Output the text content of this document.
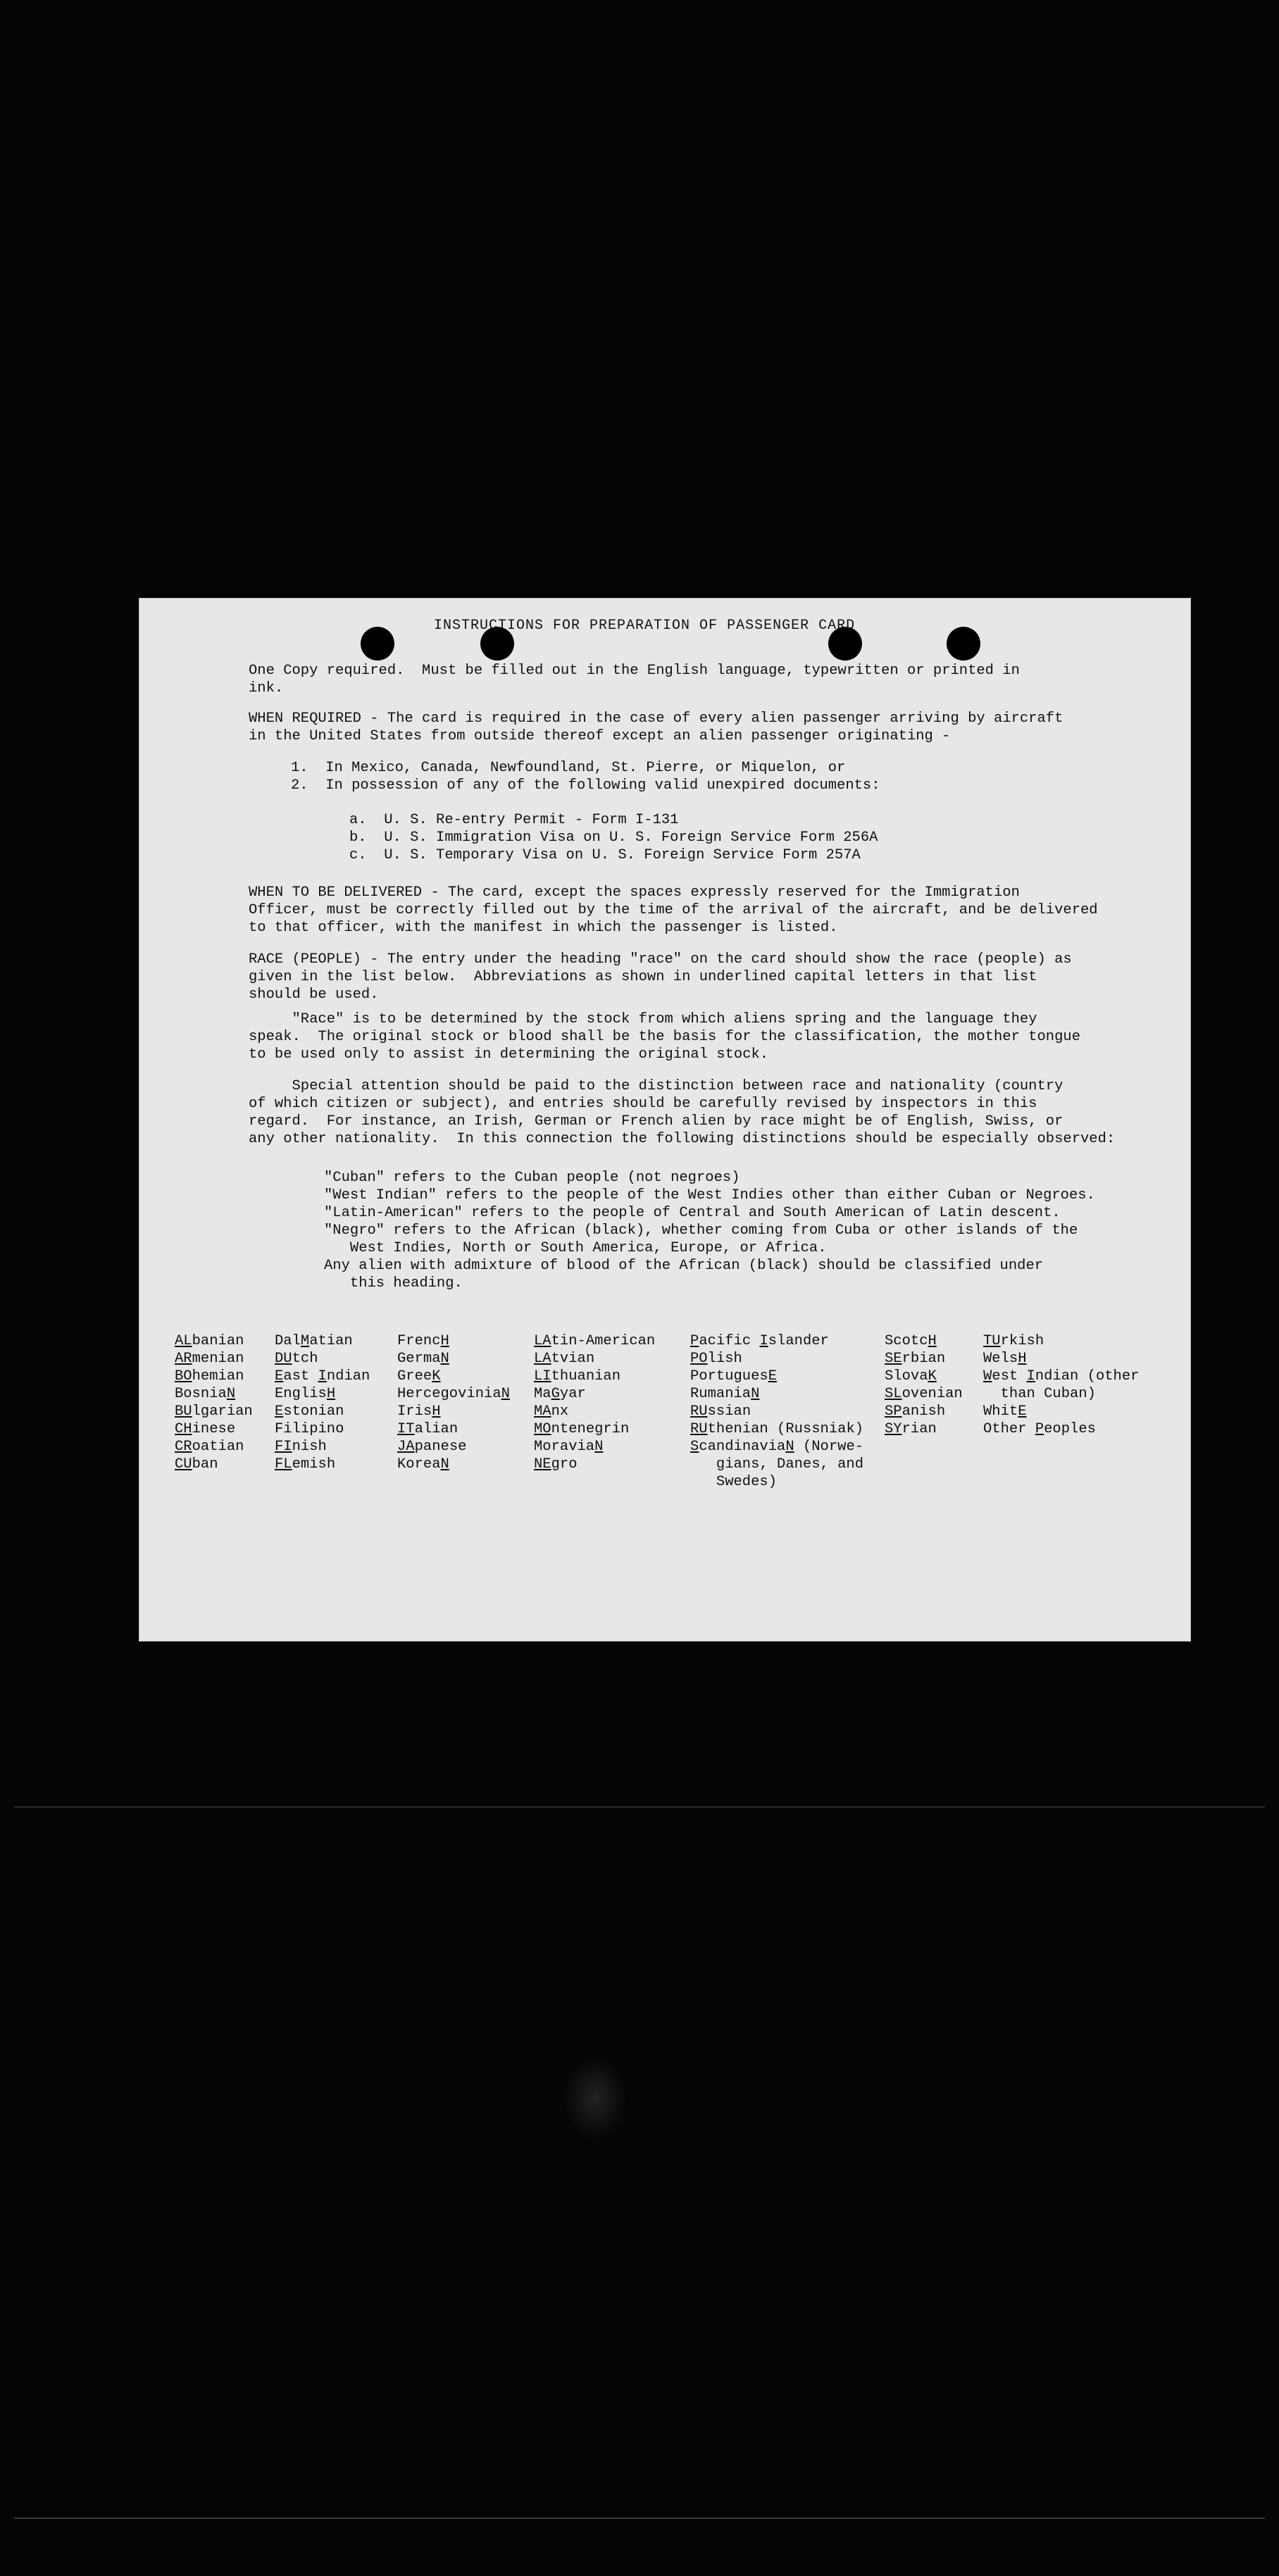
INSTRUCTIONS FOR PREPARATION OF PASSENGER CARD
One Copy required.  Must be filled out in the English language, typewritten or printed in
ink.
WHEN REQUIRED - The card is required in the case of every alien passenger arriving by aircraft
in the United States from outside thereof except an alien passenger originating -
1.  In Mexico, Canada, Newfoundland, St. Pierre, or Miquelon, or
2.  In possession of any of the following valid unexpired documents:
a.  U. S. Re-entry Permit - Form I-131
b.  U. S. Immigration Visa on U. S. Foreign Service Form 256A
c.  U. S. Temporary Visa on U. S. Foreign Service Form 257A
WHEN TO BE DELIVERED - The card, except the spaces expressly reserved for the Immigration
Officer, must be correctly filled out by the time of the arrival of the aircraft, and be delivered
to that officer, with the manifest in which the passenger is listed.
RACE (PEOPLE) - The entry under the heading "race" on the card should show the race (people) as
given in the list below.  Abbreviations as shown in underlined capital letters in that list
should be used.
"Race" is to be determined by the stock from which aliens spring and the language they
speak.  The original stock or blood shall be the basis for the classification, the mother tongue
to be used only to assist in determining the original stock.
Special attention should be paid to the distinction between race and nationality (country
of which citizen or subject), and entries should be carefully revised by inspectors in this
regard.  For instance, an Irish, German or French alien by race might be of English, Swiss, or
any other nationality.  In this connection the following distinctions should be especially observed:
"Cuban" refers to the Cuban people (not negroes)
"West Indian" refers to the people of the West Indies other than either Cuban or Negroes.
"Latin-American" refers to the people of Central and South American of Latin descent.
"Negro" refers to the African (black), whether coming from Cuba or other islands of the
West Indies, North or South America, Europe, or Africa.
Any alien with admixture of blood of the African (black) should be classified under
this heading.
ALbanian
ARmenian
BOhemian
BosniaN
BUlgarian
CHinese
CRoatian
CUban
DalMatian
DUtch
East Indian
EnglisH
Estonian
Filipino
FInish
FLemish
FrencH
GermaN
GreeK
HercegoviniaN
IrisH
ITalian
JApanese
KoreaN
LAtin-American
LAtvian
LIthuanian
MaGyar
MAnx
MOntenegrin
MoraviaN
NEgro
Pacific Islander
POlish
PortuguesE
RumaniaN
RUssian
RUthenian (Russniak)
ScandinaviaN (Norwe-
gians, Danes, and
Swedes)
ScotcH
SErbian
SlovaK
SLovenian
SPanish
SYrian
TUrkish
WelsH
West Indian (other
than Cuban)
WhitE
Other Peoples
